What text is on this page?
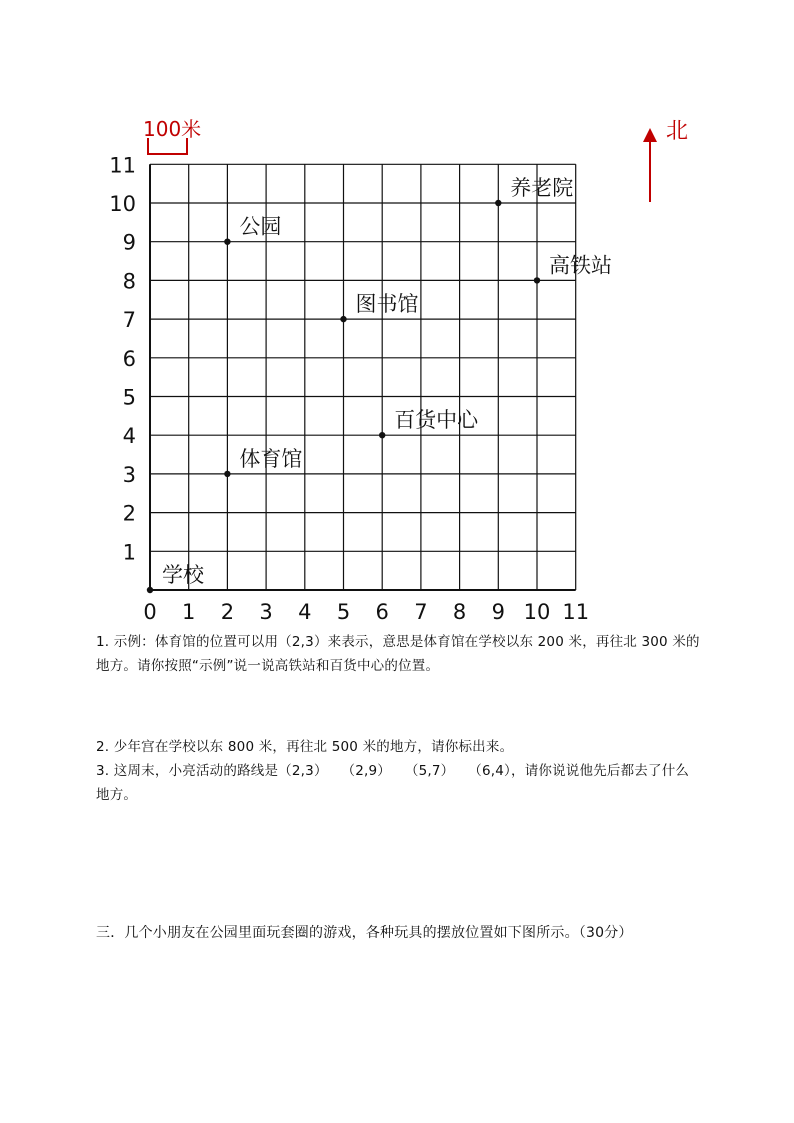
100米	北
0 1 2 3 4 5 6 7 8 9 10 11
1
2
3
4
5
6
7
8
9
10
11
学校
体育馆
公园
图书馆
百货中心
养老院
高铁站
1. 示例：体育馆的位置可以用（2,3）来表示，意思是体育馆在学校以东 200 米，再往北 300 米的地方。请你按照“示例”说一说高铁站和百货中心的位置。
2. 少年宫在学校以东 800 米，再往北 500 米的地方，请你标出来。
3. 这周末，小亮活动的路线是（2,3）　　（2,9）　　（5,7）　　（6,4），请你说说他先后都去了什么地方。
三．几个小朋友在公园里面玩套圈的游戏，各种玩具的摆放位置如下图所示。（30分）
